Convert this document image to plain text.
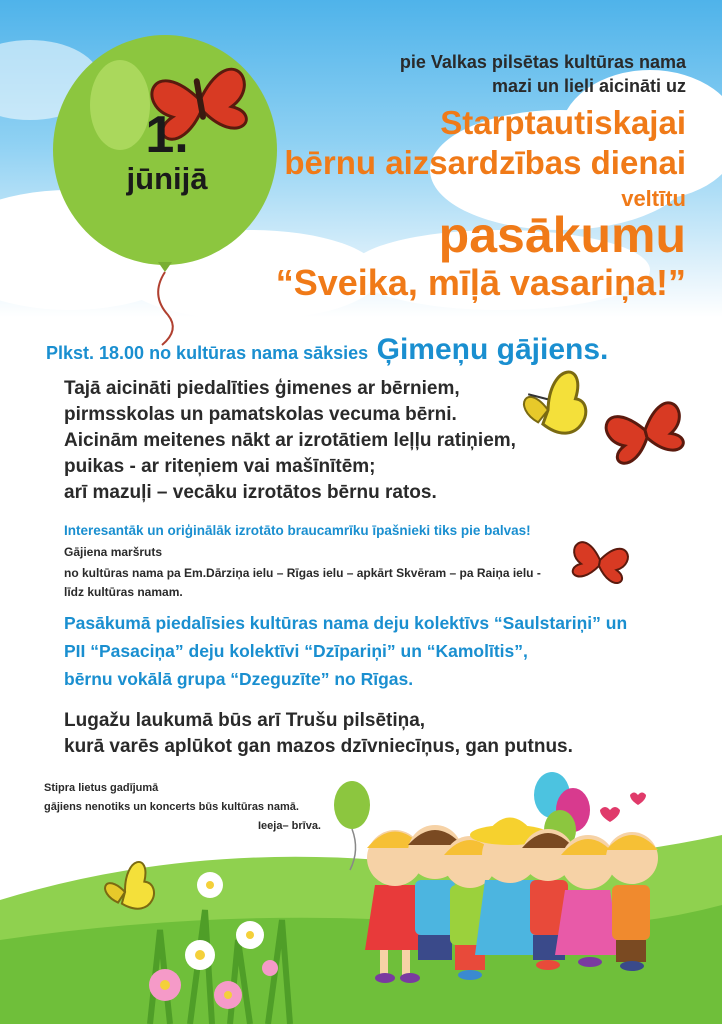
1.
jūnijā

pie Valkas pilsētas kultūras nama

mazi un lieli aicināti uz

Starptautiskajai

bērnu aizsardzības dienai

veltītu

pasākumu

“Sveika, mīļā vasariņa!”

Plkst. 18.00 no kultūras nama sāksies Ģimeņu gājiens.

Tajā aicināti piedalīties ģimenes ar bērniem,

pirmsskolas un pamatskolas vecuma bērni.

Aicinām meitenes nākt ar izrotātiem leļļu ratiņiem,

puikas - ar riteņiem vai mašīnītēm;

arī mazuļi – vecāku izrotātos bērnu ratos.

Interesantāk un oriģinālāk izrotāto braucamrīku īpašnieki tiks pie balvas!

Gājiena maršruts

no kultūras nama pa Em.Dārziņa ielu – Rīgas ielu – apkārt Skvēram – pa Raiņa ielu -

līdz kultūras namam.

Pasākumā piedalīsies kultūras nama deju kolektīvs “Saulstariņi” un

PII “Pasaciņa” deju kolektīvi “Dzīpariņi” un “Kamolītis”,

bērnu vokālā grupa “Dzeguzīte” no Rīgas.

Lugažu laukumā būs arī Trušu pilsētiņa,

kurā varēs aplūkot gan mazos dzīvniecīņus, gan putnus.

Stipra lietus gadījumā

gājiens nenotiks un koncerts būs kultūras namā.

Ieeja– brīva.
